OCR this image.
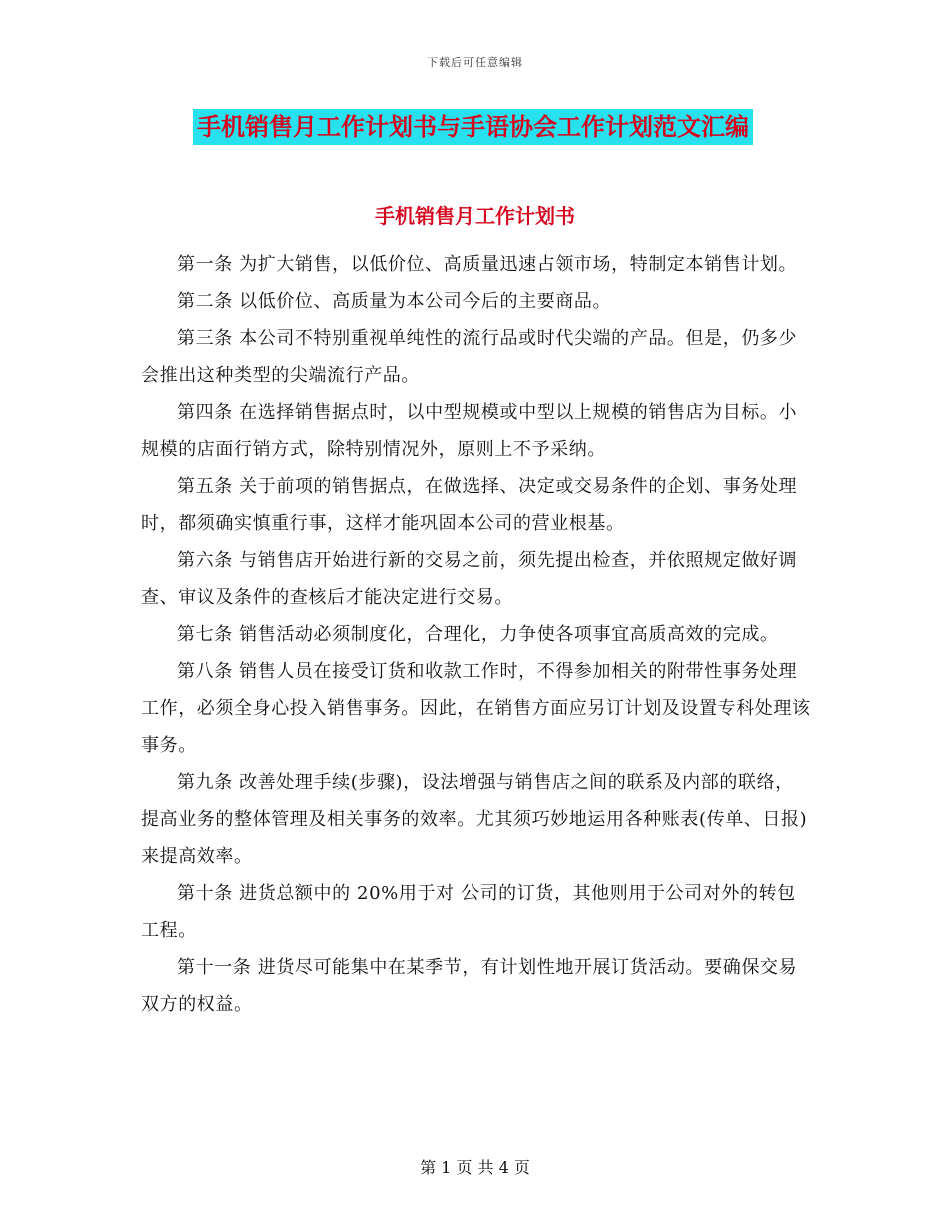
下载后可任意编辑
手机销售月工作计划书与手语协会工作计划范文汇编
手机销售月工作计划书

第一条 为扩大销售，以低价位、高质量迅速占领市场，特制定本销售计划。

第二条 以低价位、高质量为本公司今后的主要商品。

第三条 本公司不特别重视单纯性的流行品或时代尖端的产品。但是，仍多少会推出这种类型的尖端流行产品。

第四条 在选择销售据点时，以中型规模或中型以上规模的销售店为目标。小规模的店面行销方式，除特别情况外，原则上不予采纳。

第五条 关于前项的销售据点，在做选择、决定或交易条件的企划、事务处理时，都须确实慎重行事，这样才能巩固本公司的营业根基。

第六条 与销售店开始进行新的交易之前，须先提出检查，并依照规定做好调查、审议及条件的查核后才能决定进行交易。

第七条 销售活动必须制度化，合理化，力争使各项事宜高质高效的完成。

第八条 销售人员在接受订货和收款工作时，不得参加相关的附带性事务处理工作，必须全身心投入销售事务。因此，在销售方面应另订计划及设置专科处理该事务。

第九条 改善处理手续(步骤)，设法增强与销售店之间的联系及内部的联络，提高业务的整体管理及相关事务的效率。尤其须巧妙地运用各种账表(传单、日报)来提高效率。

第十条 进货总额中的 20%用于对 公司的订货，其他则用于公司对外的转包工程。

第十一条 进货尽可能集中在某季节，有计划性地开展订货活动。要确保交易双方的权益。

第 1 页 共 4 页
